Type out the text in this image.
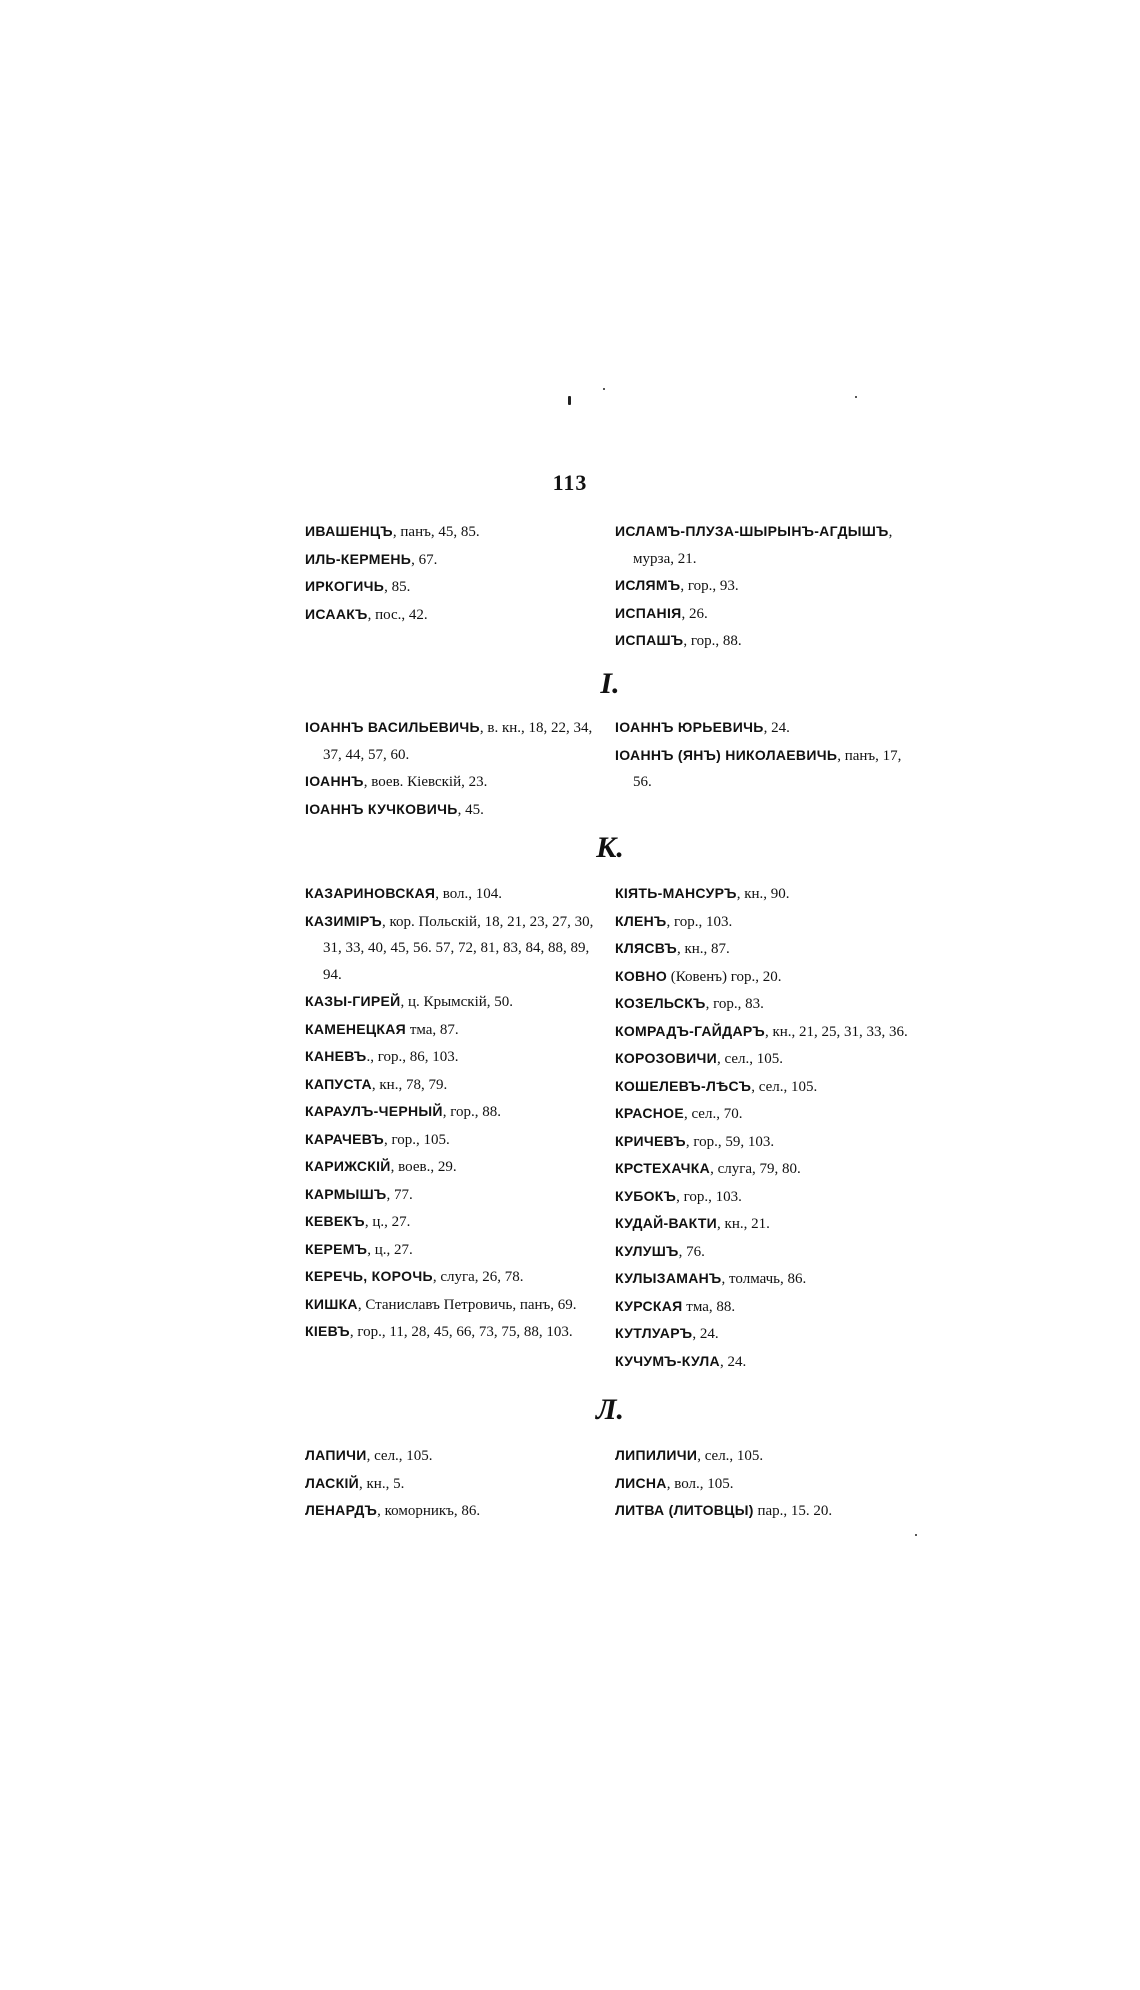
113
ИВАШЕНЦЪ, панъ, 45, 85.
ИЛЬ-КЕРМЕНЬ, 67.
ИРКОГИЧЬ, 85.
ИСААКЪ, пос., 42.
ИСЛАМЪ-ПЛУЗА-ШЫРЫНЪ-АГДЫШЪ, мурза, 21.
ИСЛЯМЪ, гор., 93.
ИСПАНІЯ, 26.
ИСПАШЪ, гор., 88.
І.
ІОАННЪ ВАСИЛЬЕВИЧЬ, в. кн., 18, 22, 34, 37, 44, 57, 60.
ІОАННЪ, воев. Кіевскій, 23.
ІОАННЪ КУЧКОВИЧЬ, 45.
ІОАННЪ ЮРЬЕВИЧЬ, 24.
ІОАННЪ (ЯНЪ) НИКОЛАЕВИЧЬ, панъ, 17, 56.
К.
КАЗАРИНОВСКАЯ, вол., 104.
КАЗИМІРЪ, кор. Польскій, 18, 21, 23, 27, 30, 31, 33, 40, 45, 56. 57, 72, 81, 83, 84, 88, 89, 94.
КАЗЫ-ГИРЕЙ, ц. Крымскій, 50.
КАМЕНЕЦКАЯ тма, 87.
КАНЕВЪ., гор., 86, 103.
КАПУСТА, кн., 78, 79.
КАРАУЛЪ-ЧЕРНЫЙ, гор., 88.
КАРАЧЕВЪ, гор., 105.
КАРИЖСКІЙ, воев., 29.
КАРМЫШЪ, 77.
КЕВЕКЪ, ц., 27.
КЕРЕМЪ, ц., 27.
КЕРЕЧЬ, КОРОЧЬ, слуга, 26, 78.
КИШКА, Станиславъ Петровичь, панъ, 69.
КІЕВЪ, гор., 11, 28, 45, 66, 73, 75, 88, 103.
КІЯТЬ-МАНСУРЪ, кн., 90.
КЛЕНЪ, гор., 103.
КЛЯСВЪ, кн., 87.
КОВНО (Ковенъ) гор., 20.
КОЗЕЛЬСКЪ, гор., 83.
КОМРАДЪ-ГАЙДАРЪ, кн., 21, 25, 31, 33, 36.
КОРОЗОВИЧИ, сел., 105.
КОШЕЛЕВЪ-ЛѢСЪ, сел., 105.
КРАСНОЕ, сел., 70.
КРИЧЕВЪ, гор., 59, 103.
КРСТЕХАЧКА, слуга, 79, 80.
КУБОКЪ, гор., 103.
КУДАЙ-ВАКТИ, кн., 21.
КУЛУШЪ, 76.
КУЛЫЗАМАНЪ, толмачь, 86.
КУРСКАЯ тма, 88.
КУТЛУАРЪ, 24.
КУЧУМЪ-КУЛА, 24.
Л.
ЛАПИЧИ, сел., 105.
ЛАСКІЙ, кн., 5.
ЛЕНАРДЪ, коморникъ, 86.
ЛИПИЛИЧИ, сел., 105.
ЛИСНА, вол., 105.
ЛИТВА (ЛИТОВЦЫ) пар., 15. 20.
